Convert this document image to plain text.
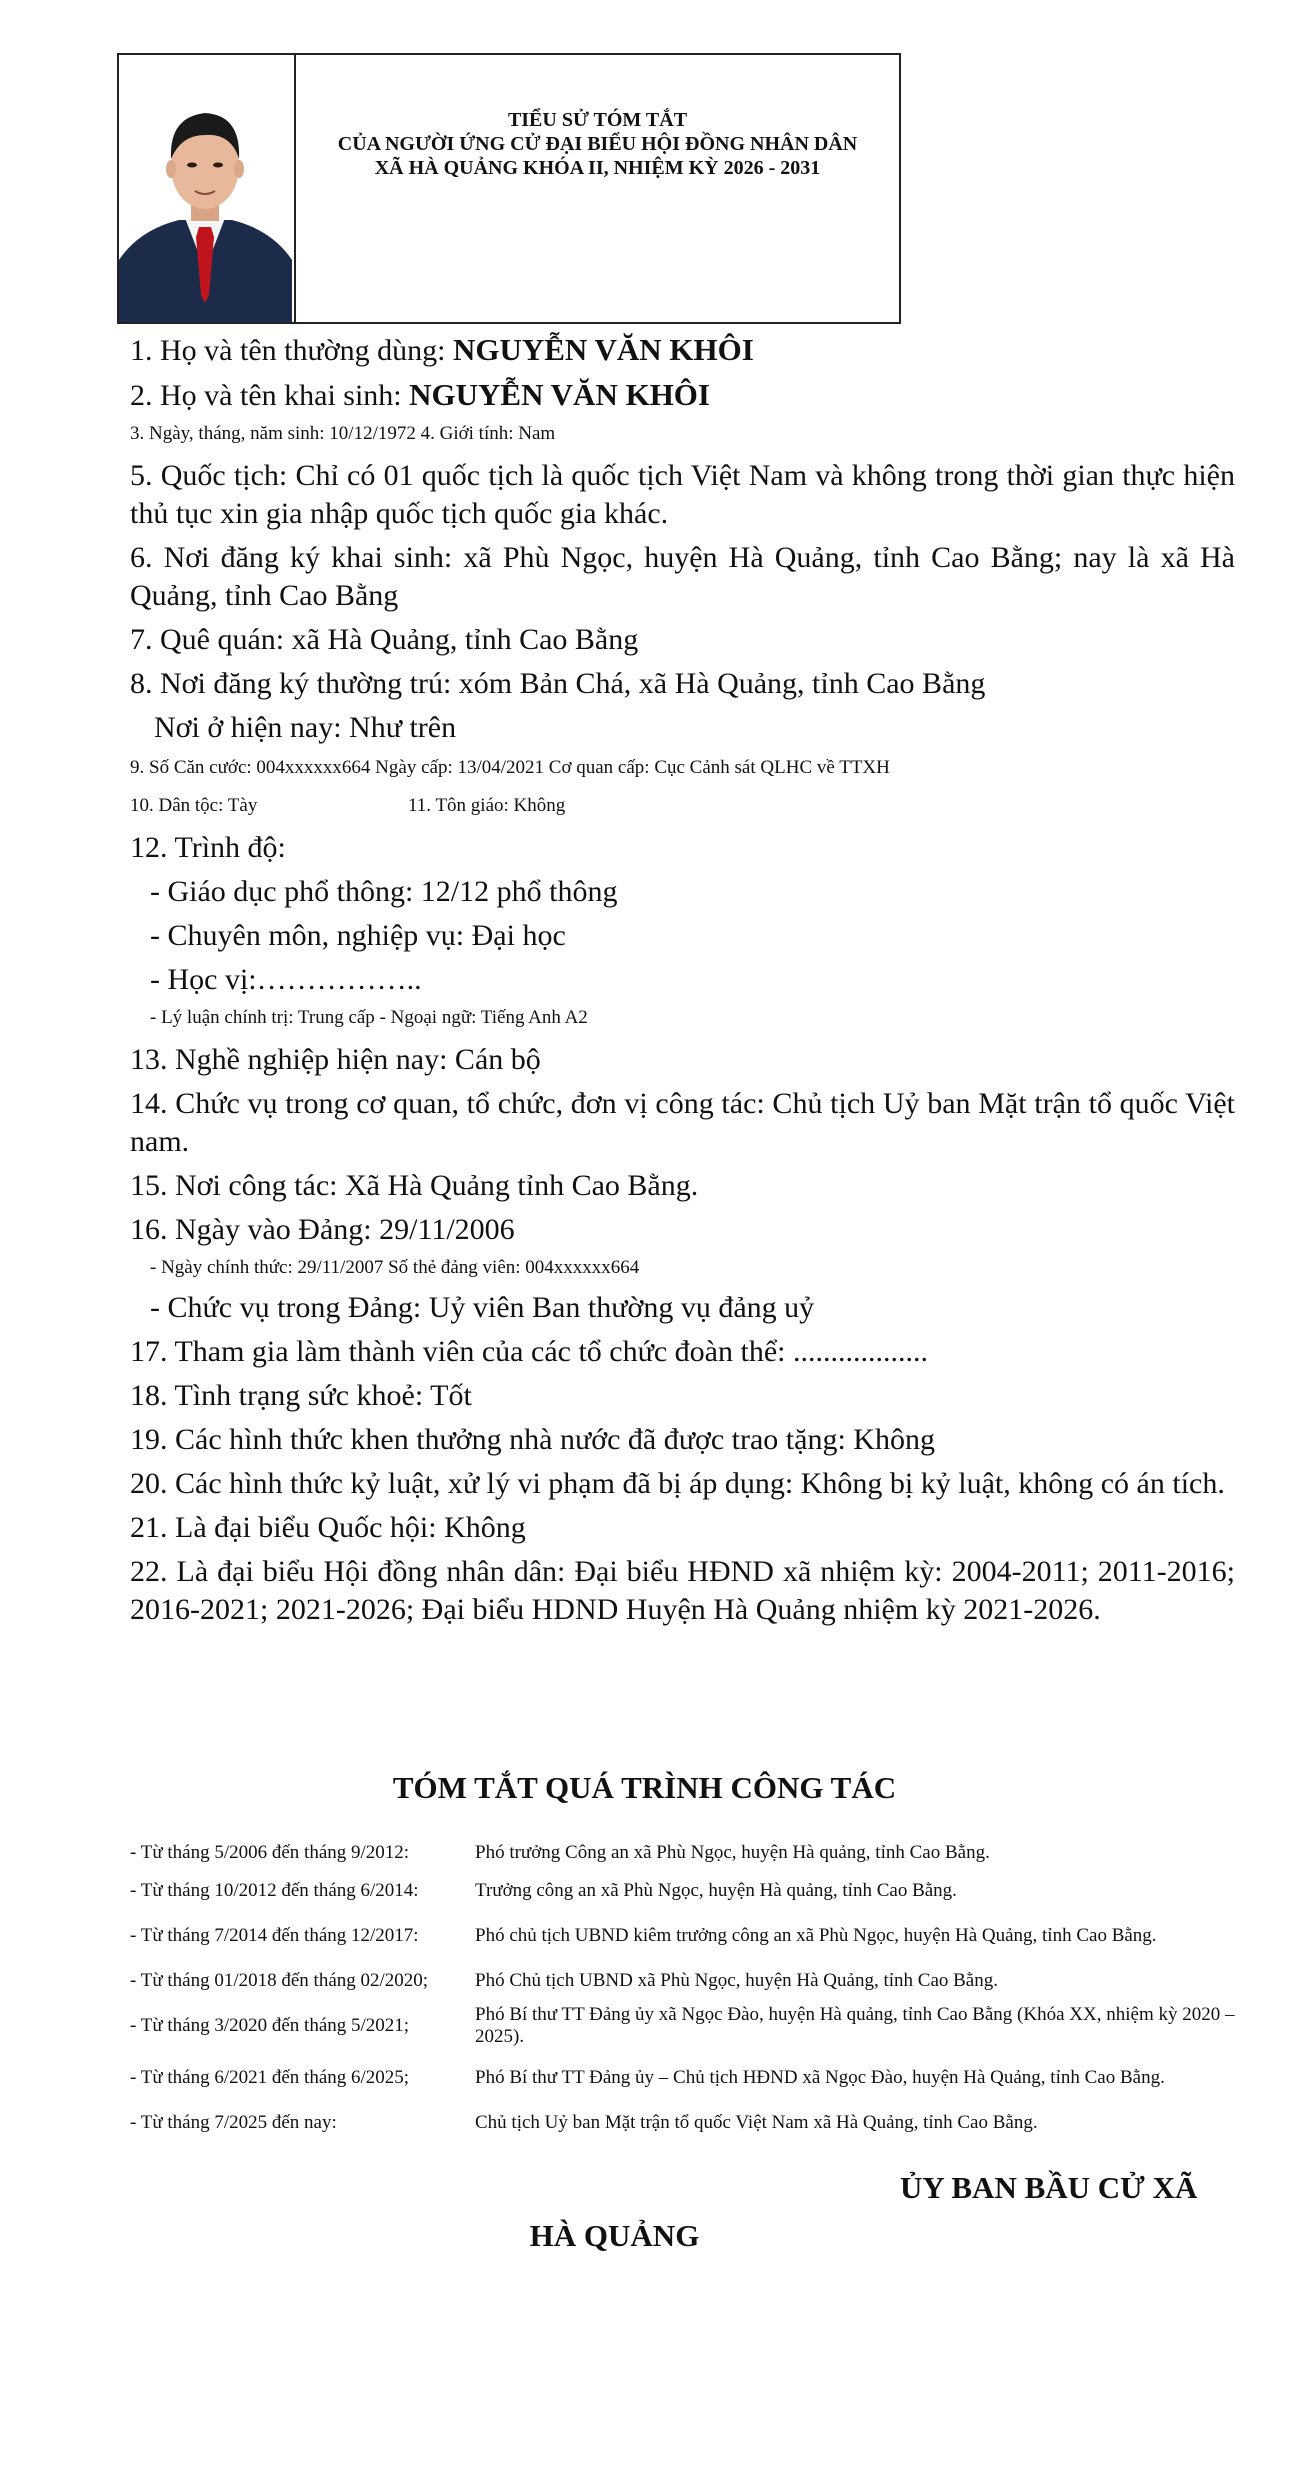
TIỂU SỬ TÓM TẮT
CỦA NGƯỜI ỨNG CỬ ĐẠI BIỂU HỘI ĐỒNG NHÂN DÂN
XÃ HÀ QUẢNG KHÓA II, NHIỆM KỲ 2026 - 2031
1. Họ và tên thường dùng: NGUYỄN VĂN KHÔI
2. Họ và tên khai sinh: NGUYỄN VĂN KHÔI
3. Ngày, tháng, năm sinh: 10/12/1972 4. Giới tính: Nam
5. Quốc tịch: Chỉ có 01 quốc tịch là quốc tịch Việt Nam và không trong thời gian thực hiện thủ tục xin gia nhập quốc tịch quốc gia khác.
6. Nơi đăng ký khai sinh: xã Phù Ngọc, huyện Hà Quảng, tỉnh Cao Bằng; nay là xã Hà Quảng, tỉnh Cao Bằng
7. Quê quán: xã Hà Quảng, tỉnh Cao Bằng
8. Nơi đăng ký thường trú: xóm Bản Chá, xã Hà Quảng, tỉnh Cao Bằng
Nơi ở hiện nay: Như trên
9. Số Căn cước: 004xxxxxx664 Ngày cấp: 13/04/2021 Cơ quan cấp: Cục Cảnh sát QLHC về TTXH
10. Dân tộc: Tày	11. Tôn giáo: Không
12. Trình độ:
- Giáo dục phổ thông: 12/12 phổ thông
- Chuyên môn, nghiệp vụ: Đại học
- Học vị:……………..
- Lý luận chính trị: Trung cấp - Ngoại ngữ: Tiếng Anh A2
13. Nghề nghiệp hiện nay: Cán bộ
14. Chức vụ trong cơ quan, tổ chức, đơn vị công tác: Chủ tịch Uỷ ban Mặt trận tổ quốc Việt nam.
15. Nơi công tác: Xã Hà Quảng tỉnh Cao Bằng.
16. Ngày vào Đảng: 29/11/2006
- Ngày chính thức: 29/11/2007 Số thẻ đảng viên: 004xxxxxx664
- Chức vụ trong Đảng: Uỷ viên Ban thường vụ đảng uỷ
17. Tham gia làm thành viên của các tổ chức đoàn thể: ..................
18. Tình trạng sức khoẻ: Tốt
19. Các hình thức khen thưởng nhà nước đã được trao tặng: Không
20. Các hình thức kỷ luật, xử lý vi phạm đã bị áp dụng: Không bị kỷ luật, không có án tích.
21. Là đại biểu Quốc hội: Không
22. Là đại biểu Hội đồng nhân dân: Đại biểu HĐND xã nhiệm kỳ: 2004-2011; 2011-2016; 2016-2021; 2021-2026; Đại biểu HDND Huyện Hà Quảng nhiệm kỳ 2021-2026.
TÓM TẮT QUÁ TRÌNH CÔNG TÁC
- Từ tháng 5/2006 đến tháng 9/2012:	Phó trưởng Công an xã Phù Ngọc, huyện Hà quảng, tỉnh Cao Bằng.
- Từ tháng 10/2012 đến tháng 6/2014:	Trưởng công an xã Phù Ngọc, huyện Hà quảng, tỉnh Cao Bằng.
- Từ tháng 7/2014 đến tháng 12/2017:	Phó chủ tịch UBND kiêm trưởng công an xã Phù Ngọc, huyện Hà Quảng, tỉnh Cao Bằng.
- Từ tháng 01/2018 đến tháng 02/2020;	Phó Chủ tịch UBND xã Phù Ngọc, huyện Hà Quảng, tỉnh Cao Bằng.
- Từ tháng 3/2020 đến tháng 5/2021;	Phó Bí thư TT Đảng ủy xã Ngọc Đào, huyện Hà quảng, tỉnh Cao Bằng (Khóa XX, nhiệm kỳ 2020 – 2025).
- Từ tháng 6/2021 đến tháng 6/2025;	Phó Bí thư TT Đảng ủy – Chủ tịch HĐND xã Ngọc Đào, huyện Hà Quảng, tỉnh Cao Bằng.
- Từ tháng 7/2025 đến nay:	Chủ tịch Uỷ ban Mặt trận tổ quốc Việt Nam xã Hà Quảng, tỉnh Cao Bằng.
ỦY BAN BẦU CỬ XÃ
HÀ QUẢNG
